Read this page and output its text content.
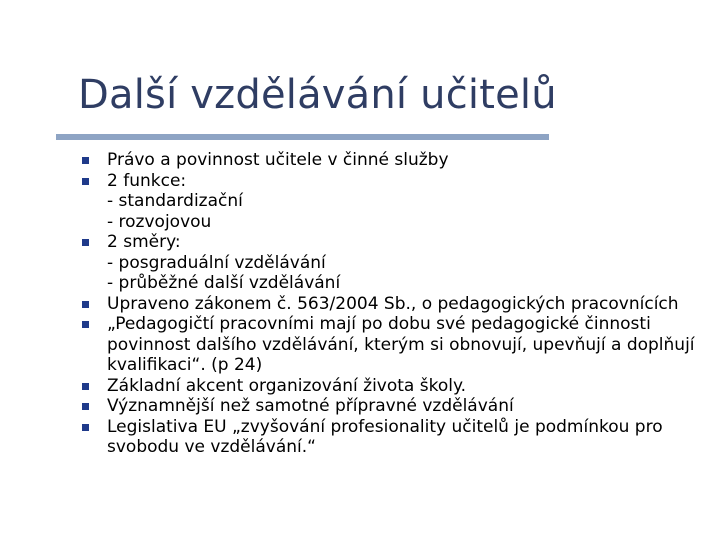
Další vzdělávání učitelů
Právo a povinnost učitele v činné služby
2 funkce:
- standardizační
- rozvojovou
2 směry:
- posgraduální vzdělávání
- průběžné další vzdělávání
Upraveno zákonem č. 563/2004 Sb., o pedagogických pracovnících
„Pedagogičtí pracovními mají po dobu své pedagogické činnosti povinnost dalšího vzdělávání, kterým si obnovují, upevňují a doplňují kvalifikaci“. (p 24)
Základní akcent organizování života školy.
Významnější než samotné přípravné vzdělávání
Legislativa EU „zvyšování profesionality učitelů je podmínkou pro svobodu ve vzdělávání.“
